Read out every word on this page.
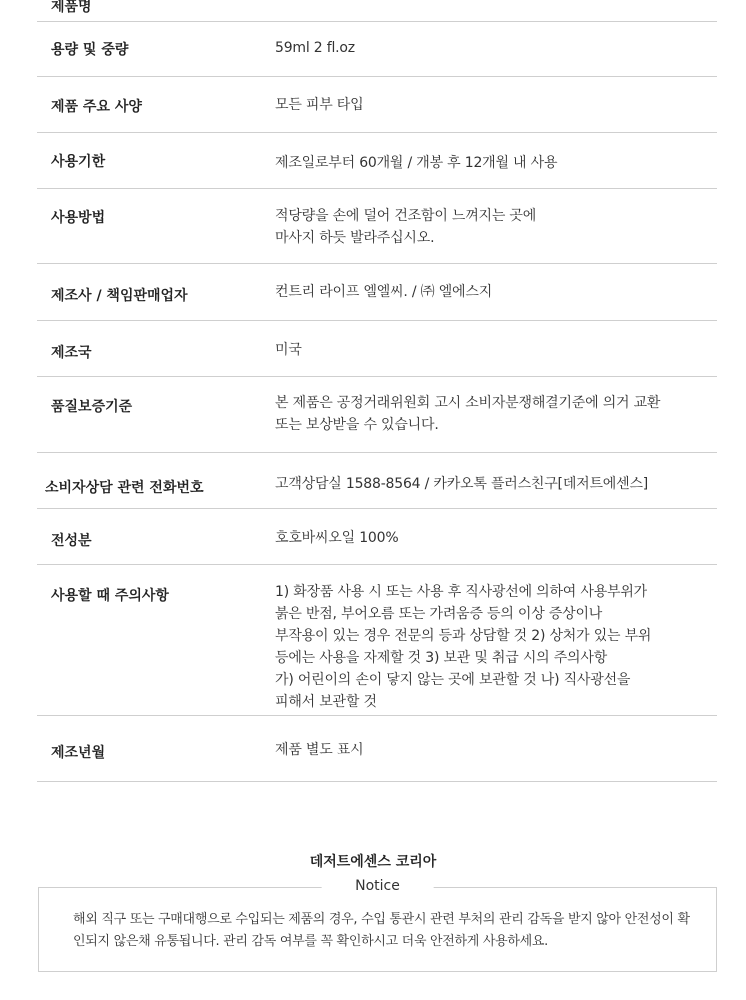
제품명
용량 및 중량	59ml 2 fl.oz
제품 주요 사양	모든 피부 타입
사용기한	제조일로부터 60개월 / 개봉 후 12개월 내 사용
사용방법	적당량을 손에 덜어 건조함이 느껴지는 곳에
마사지 하듯 발라주십시오.
제조사 / 책임판매업자	컨트리 라이프 엘엘씨. / ㈜ 엘에스지
제조국	미국
품질보증기준	본 제품은 공정거래위원회 고시 소비자분쟁해결기준에 의거 교환
또는 보상받을 수 있습니다.
소비자상담 관련 전화번호	고객상담실 1588-8564 / 카카오톡 플러스친구[데저트에센스]
전성분	호호바씨오일 100%
사용할 때 주의사항	1) 화장품 사용 시 또는 사용 후 직사광선에 의하여 사용부위가
붉은 반점, 부어오름 또는 가려움증 등의 이상 증상이나
부작용이 있는 경우 전문의 등과 상담할 것 2) 상처가 있는 부위
등에는 사용을 자제할 것 3) 보관 및 취급 시의 주의사항
가) 어린이의 손이 닿지 않는 곳에 보관할 것 나) 직사광선을
피해서 보관할 것
제조년월	제품 별도 표시
데저트에센스 코리아
Notice
해외 직구 또는 구매대행으로 수입되는 제품의 경우, 수입 통관시 관련 부처의 관리 감독을 받지 않아 안전성이 확인되지 않은채 유통됩니다. 관리 감독 여부를 꼭 확인하시고 더욱 안전하게 사용하세요.
